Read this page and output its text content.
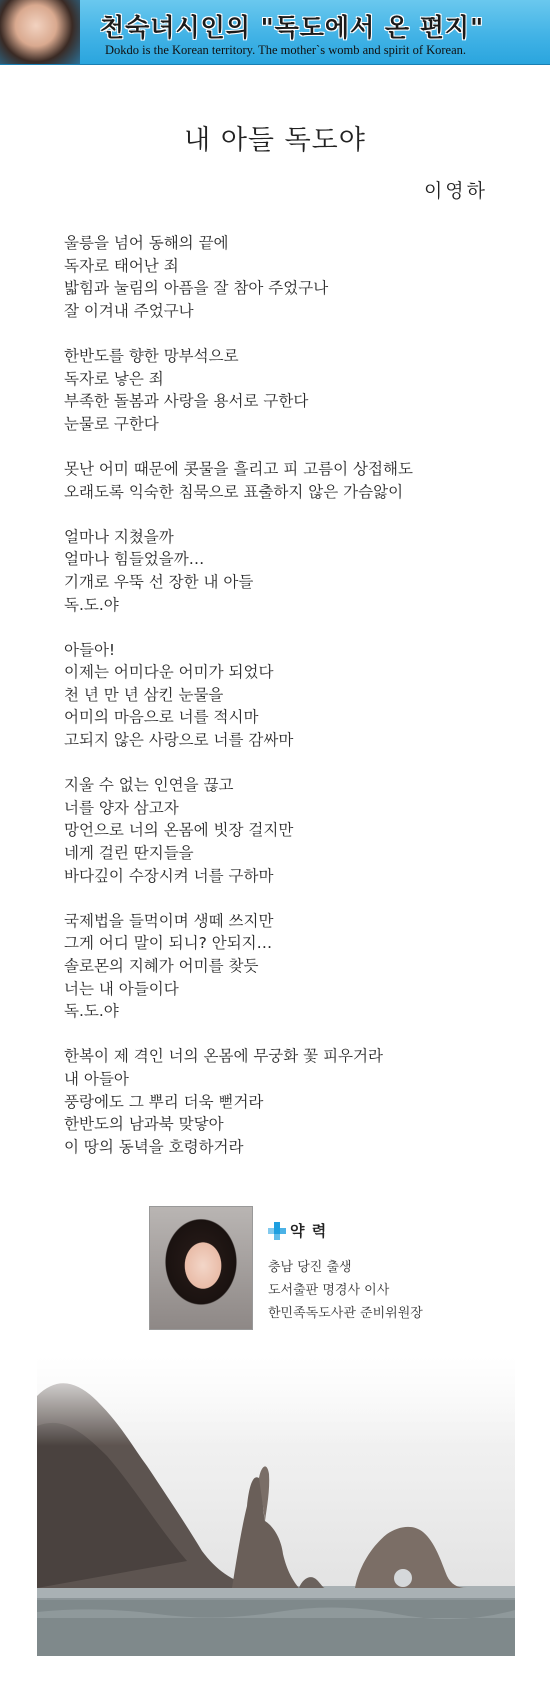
천숙녀시인의 "독도에서 온 편지"
Dokdo is the Korean territory. The mother`s womb and spirit of Korean.
내 아들 독도야
이영하
울릉을 넘어 동해의 끝에
독자로 태어난 죄
밟힘과 눌림의 아픔을 잘 참아 주었구나
잘 이겨내 주었구나
한반도를 향한 망부석으로
독자로 낳은 죄
부족한 돌봄과 사랑을 용서로 구한다
눈물로 구한다
못난 어미 때문에 콧물을 흘리고 피 고름이 상접해도
오래도록 익숙한 침묵으로 표출하지 않은 가슴앓이
얼마나 지쳤을까
얼마나 힘들었을까…
기개로 우뚝 선 장한 내 아들
독.도.야
아들아!
이제는 어미다운 어미가 되었다
천 년 만 년 삼킨 눈물을
어미의 마음으로 너를 적시마
고되지 않은 사랑으로 너를 감싸마
지울 수 없는 인연을 끊고
너를 양자 삼고자
망언으로 너의 온몸에 빗장 걸지만
네게 걸린 딴지들을
바다깊이 수장시켜 너를 구하마
국제법을 들먹이며 생떼 쓰지만
그게 어디 말이 되니? 안되지…
솔로몬의 지혜가 어미를 찾듯
너는 내 아들이다
독.도.야
한복이 제 격인 너의 온몸에 무궁화 꽃 피우거라
내 아들아
풍랑에도 그 뿌리 더욱 뻗거라
한반도의 남과북 맞닿아
이 땅의 동녁을 호령하거라
약 력
충남 당진 출생
도서출판 명경사 이사
한민족독도사관 준비위원장
